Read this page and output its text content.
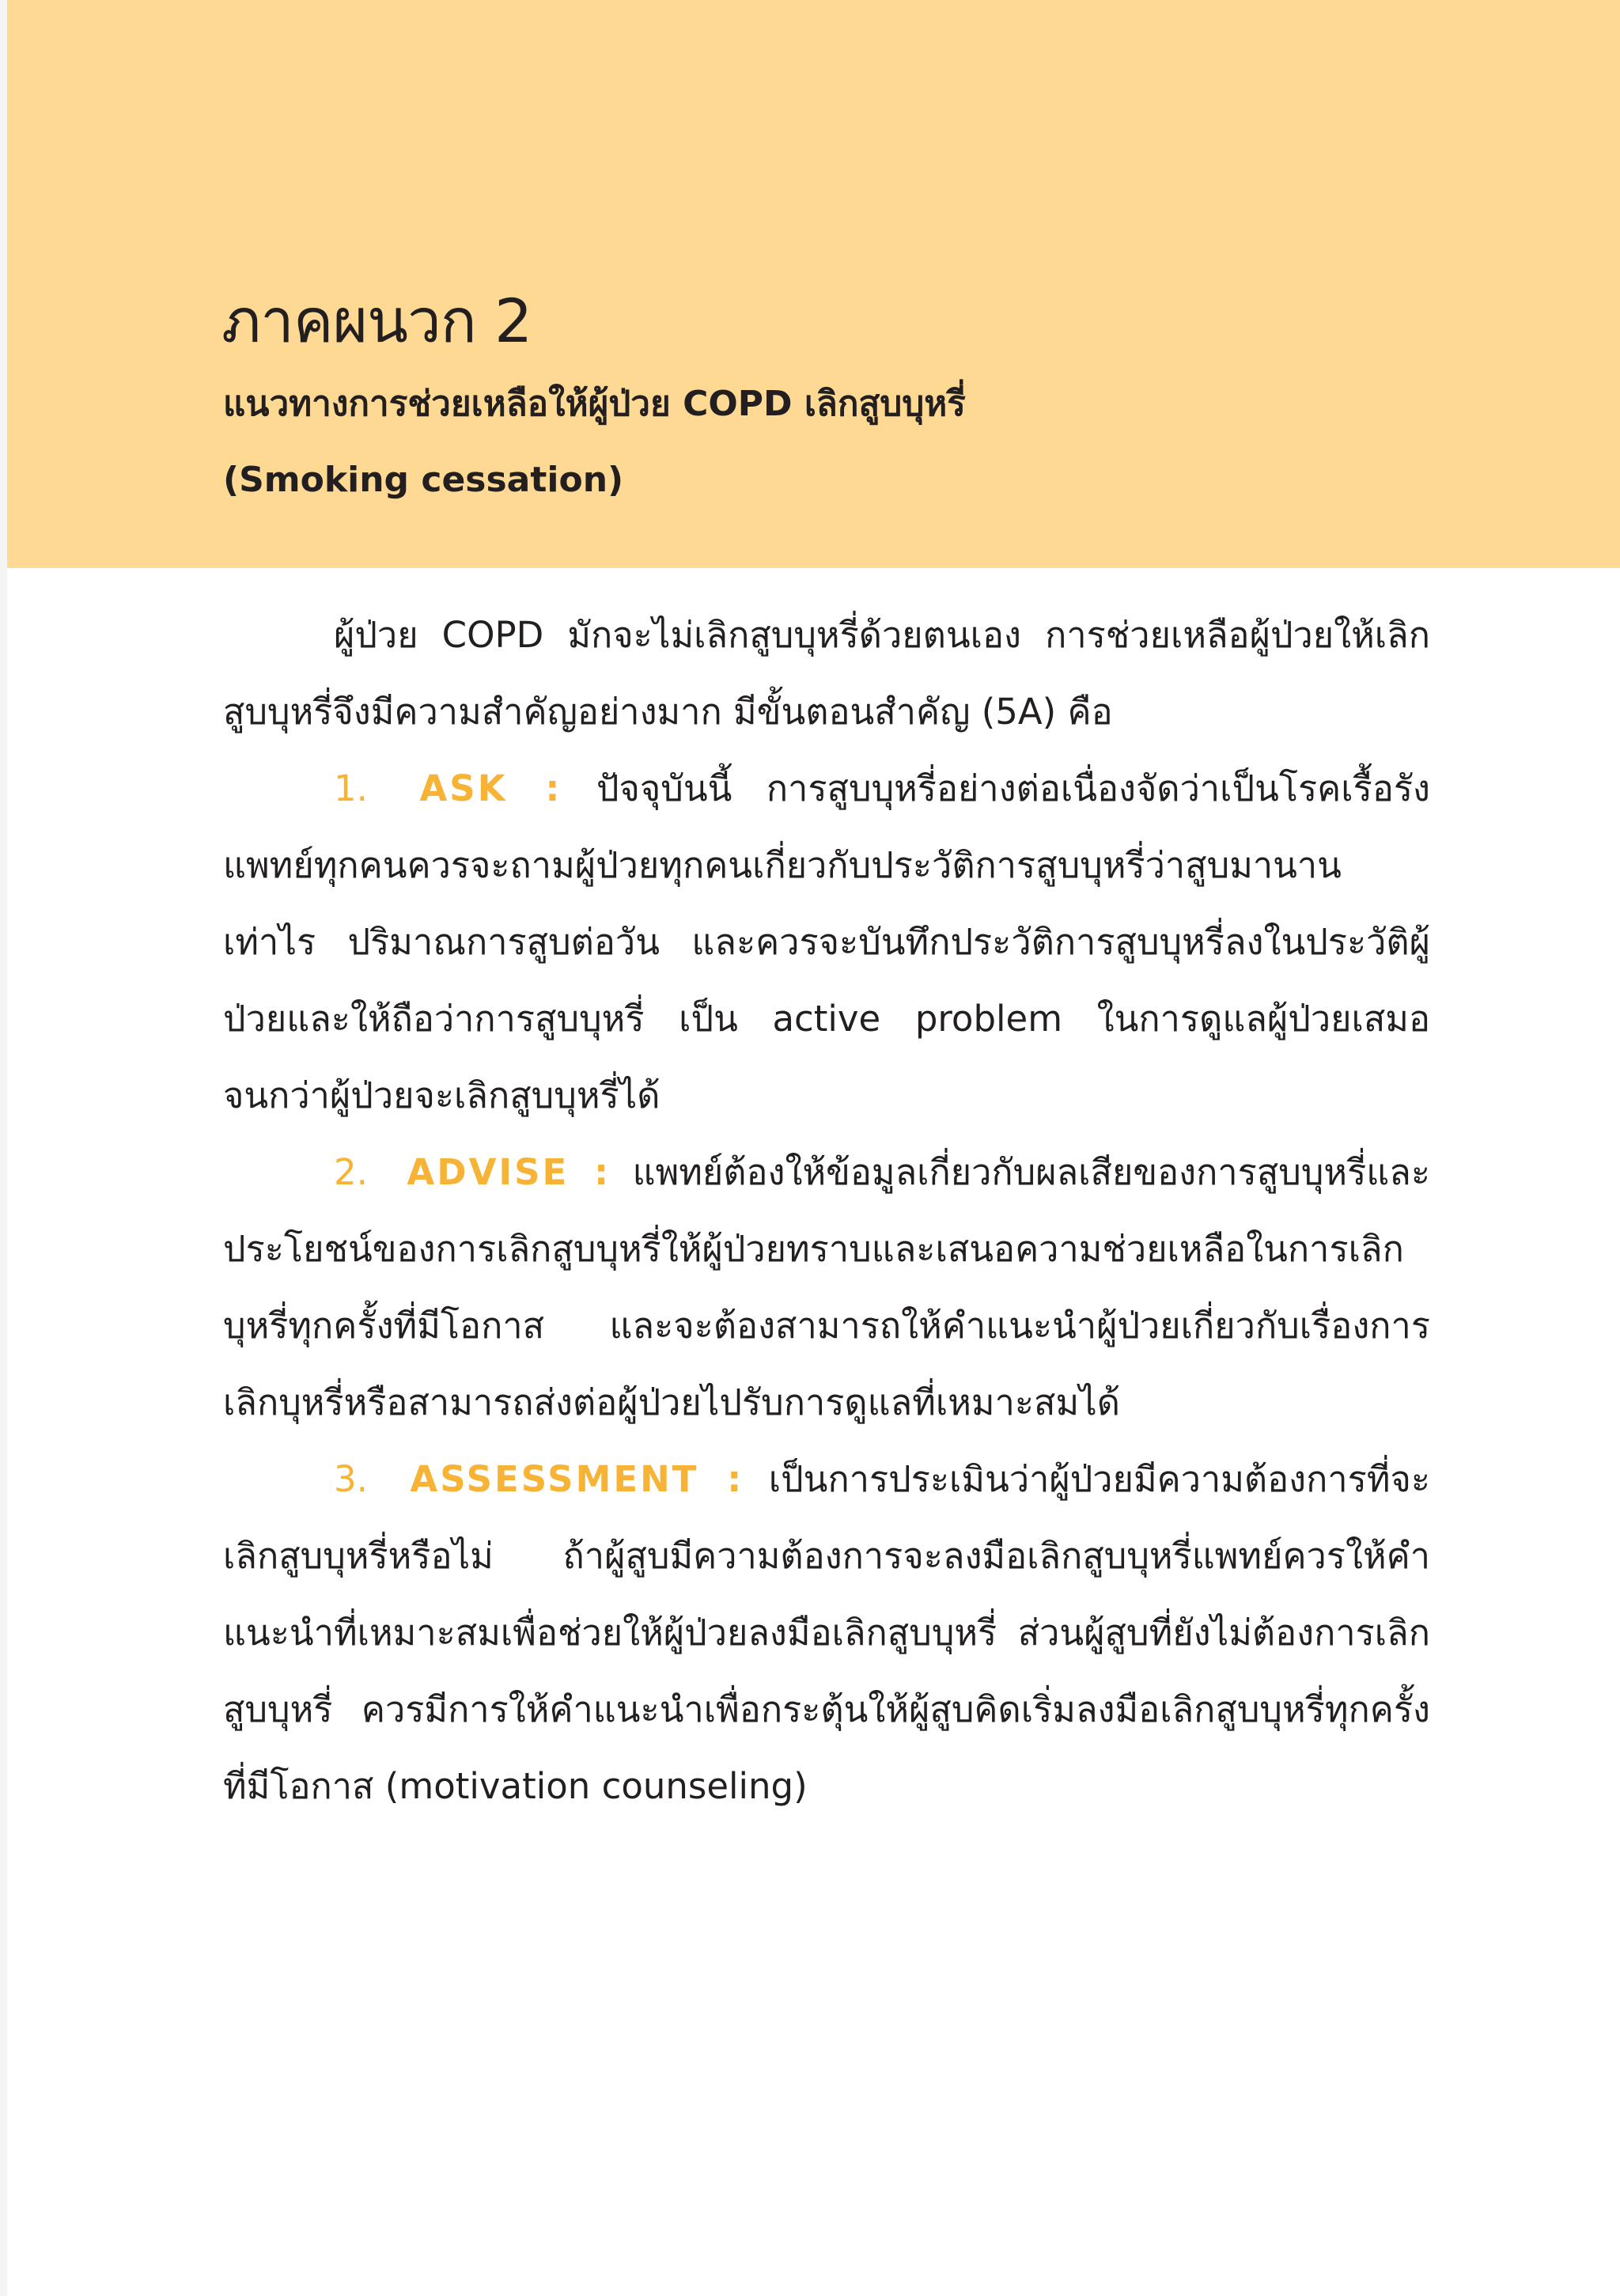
ภาคผนวก 2
แนวทางการช่วยเหลือให้ผู้ป่วย COPD เลิกสูบบุหรี่
(Smoking cessation)

ผู้ป่วย COPD มักจะไม่เลิกสูบบุหรี่ด้วยตนเอง การช่วยเหลือผู้ป่วยให้เลิกสูบบุหรี่จึงมีความสำคัญอย่างมาก มีขั้นตอนสำคัญ (5A) คือ

1. ASK : ปัจจุบันนี้ การสูบบุหรี่อย่างต่อเนื่องจัดว่าเป็นโรคเรื้อรัง แพทย์ทุกคนควรจะถามผู้ป่วยทุกคนเกี่ยวกับประวัติการสูบบุหรี่ว่าสูบมานานเท่าไร ปริมาณการสูบต่อวัน และควรจะบันทึกประวัติการสูบบุหรี่ลงในประวัติผู้ป่วยและให้ถือว่าการสูบบุหรี่ เป็น active problem ในการดูแลผู้ป่วยเสมอจนกว่าผู้ป่วยจะเลิกสูบบุหรี่ได้

2. ADVISE : แพทย์ต้องให้ข้อมูลเกี่ยวกับผลเสียของการสูบบุหรี่และประโยชน์ของการเลิกสูบบุหรี่ให้ผู้ป่วยทราบและเสนอความช่วยเหลือในการเลิกบุหรี่ทุกครั้งที่มีโอกาส และจะต้องสามารถให้คำแนะนำผู้ป่วยเกี่ยวกับเรื่องการเลิกบุหรี่หรือสามารถส่งต่อผู้ป่วยไปรับการดูแลที่เหมาะสมได้

3. ASSESSMENT : เป็นการประเมินว่าผู้ป่วยมีความต้องการที่จะเลิกสูบบุหรี่หรือไม่ ถ้าผู้สูบมีความต้องการจะลงมือเลิกสูบบุหรี่แพทย์ควรให้คำแนะนำที่เหมาะสมเพื่อช่วยให้ผู้ป่วยลงมือเลิกสูบบุหรี่ ส่วนผู้สูบที่ยังไม่ต้องการเลิกสูบบุหรี่ ควรมีการให้คำแนะนำเพื่อกระตุ้นให้ผู้สูบคิดเริ่มลงมือเลิกสูบบุหรี่ทุกครั้งที่มีโอกาส (motivation counseling)
